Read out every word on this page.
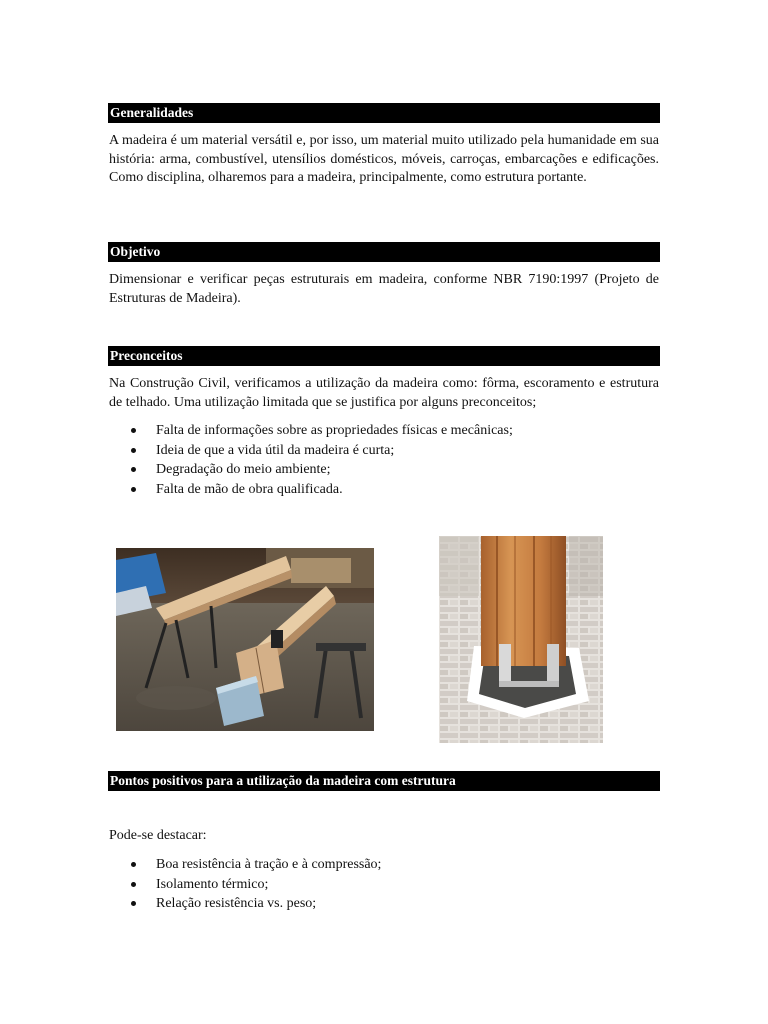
Generalidades

A madeira é um material versátil e, por isso, um material muito utilizado pela humanidade em sua história: arma, combustível, utensílios domésticos, móveis, carroças, embarcações e edificações. Como disciplina, olharemos para a madeira, principalmente, como estrutura portante.

Objetivo

Dimensionar e verificar peças estruturais em madeira, conforme NBR 7190:1997 (Projeto de Estruturas de Madeira).

Preconceitos

Na Construção Civil, verificamos a utilização da madeira como: fôrma, escoramento e estrutura de telhado. Uma utilização limitada que se justifica por alguns preconceitos;

Falta de informações sobre as propriedades físicas e mecânicas;
Ideia de que a vida útil da madeira é curta;
Degradação do meio ambiente;
Falta de mão de obra qualificada.
Pontos positivos para a utilização da madeira com estrutura

Pode-se destacar:

Boa resistência à tração e à compressão;
Isolamento térmico;
Relação resistência vs. peso;
